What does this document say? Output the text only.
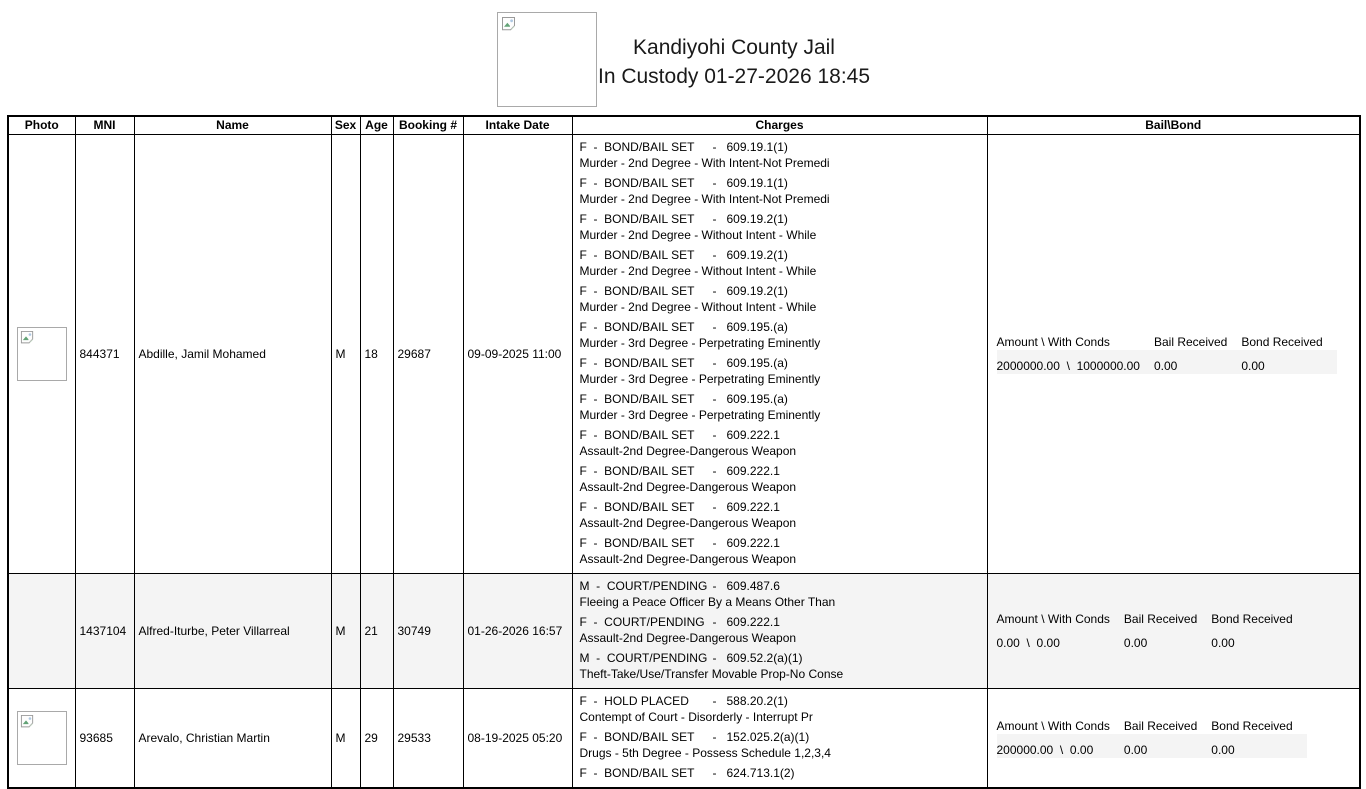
Kandiyohi County Jail
In Custody 01-27-2026 18:45
Photo	MNI	Name	Sex	Age	Booking #	Intake Date	Charges	Bail\Bond

	844371	Abdille, Jamil Mohamed	M	18	29687	09-09-2025 11:00	
F  -  BOND/BAIL SET	-   609.19.1(1)
Murder - 2nd Degree - With Intent-Not Premedi
F  -  BOND/BAIL SET	-   609.19.1(1)
Murder - 2nd Degree - With Intent-Not Premedi
F  -  BOND/BAIL SET	-   609.19.2(1)
Murder - 2nd Degree - Without Intent - While
F  -  BOND/BAIL SET	-   609.19.2(1)
Murder - 2nd Degree - Without Intent - While
F  -  BOND/BAIL SET	-   609.19.2(1)
Murder - 2nd Degree - Without Intent - While
F  -  BOND/BAIL SET	-   609.195.(a)
Murder - 3rd Degree - Perpetrating Eminently
F  -  BOND/BAIL SET	-   609.195.(a)
Murder - 3rd Degree - Perpetrating Eminently
F  -  BOND/BAIL SET	-   609.195.(a)
Murder - 3rd Degree - Perpetrating Eminently
F  -  BOND/BAIL SET	-   609.222.1
Assault-2nd Degree-Dangerous Weapon
F  -  BOND/BAIL SET	-   609.222.1
Assault-2nd Degree-Dangerous Weapon
F  -  BOND/BAIL SET	-   609.222.1
Assault-2nd Degree-Dangerous Weapon
F  -  BOND/BAIL SET	-   609.222.1
Assault-2nd Degree-Dangerous Weapon

Amount \ With Conds	Bail Received	Bond Received
2000000.00  \  1000000.00	0.00	0.00

	1437104	Alfred-Iturbe, Peter Villarreal	M	21	30749	01-26-2026 16:57	
M  -  COURT/PENDING -   609.487.6
Fleeing a Peace Officer By a Means Other Than
F  -  COURT/PENDING -   609.222.1
Assault-2nd Degree-Dangerous Weapon
M  -  COURT/PENDING -   609.52.2(a)(1)
Theft-Take/Use/Transfer Movable Prop-No Conse

Amount \ With Conds	Bail Received	Bond Received
0.00  \  0.00	0.00	0.00

	93685	Arevalo, Christian Martin	M	29	29533	08-19-2025 05:20	
F  -  HOLD PLACED	-   588.20.2(1)
Contempt of Court - Disorderly - Interrupt Pr
F  -  BOND/BAIL SET	-   152.025.2(a)(1)
Drugs - 5th Degree - Possess Schedule 1,2,3,4
F  -  BOND/BAIL SET	-   624.713.1(2)

Amount \ With Conds	Bail Received	Bond Received
200000.00  \  0.00	0.00	0.00
